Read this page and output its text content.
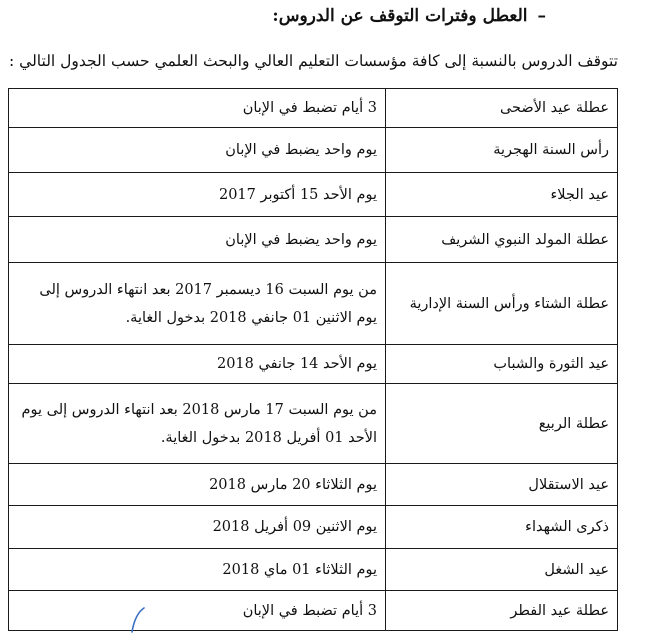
–العطل وفترات التوقف عن الدروس:
تتوقف الدروس بالنسبة إلى كافة مؤسسات التعليم العالي والبحث العلمي حسب الجدول التالي :
عطلة عيد الأضحى	3 أيام تضبط في الإبان
رأس السنة الهجرية	يوم واحد يضبط في الإبان
عيد الجلاء	يوم الأحد 15 أكتوبر 2017
عطلة المولد النبوي الشريف	يوم واحد يضبط في الإبان
عطلة الشتاء ورأس السنة الإدارية	من يوم السبت 16 ديسمبر 2017 بعد انتهاء الدروس إلى يوم الاثنين 01 جانفي 2018 بدخول الغاية.
عيد الثورة والشباب	يوم الأحد 14 جانفي 2018
عطلة الربيع	من يوم السبت 17 مارس 2018 بعد انتهاء الدروس إلى يوم الأحد 01 أفريل 2018 بدخول الغاية.
عيد الاستقلال	يوم الثلاثاء 20 مارس 2018
ذكرى الشهداء	يوم الاثنين 09 أفريل 2018
عيد الشغل	يوم الثلاثاء 01 ماي 2018
عطلة عيد الفطر	3 أيام تضبط في الإبان
